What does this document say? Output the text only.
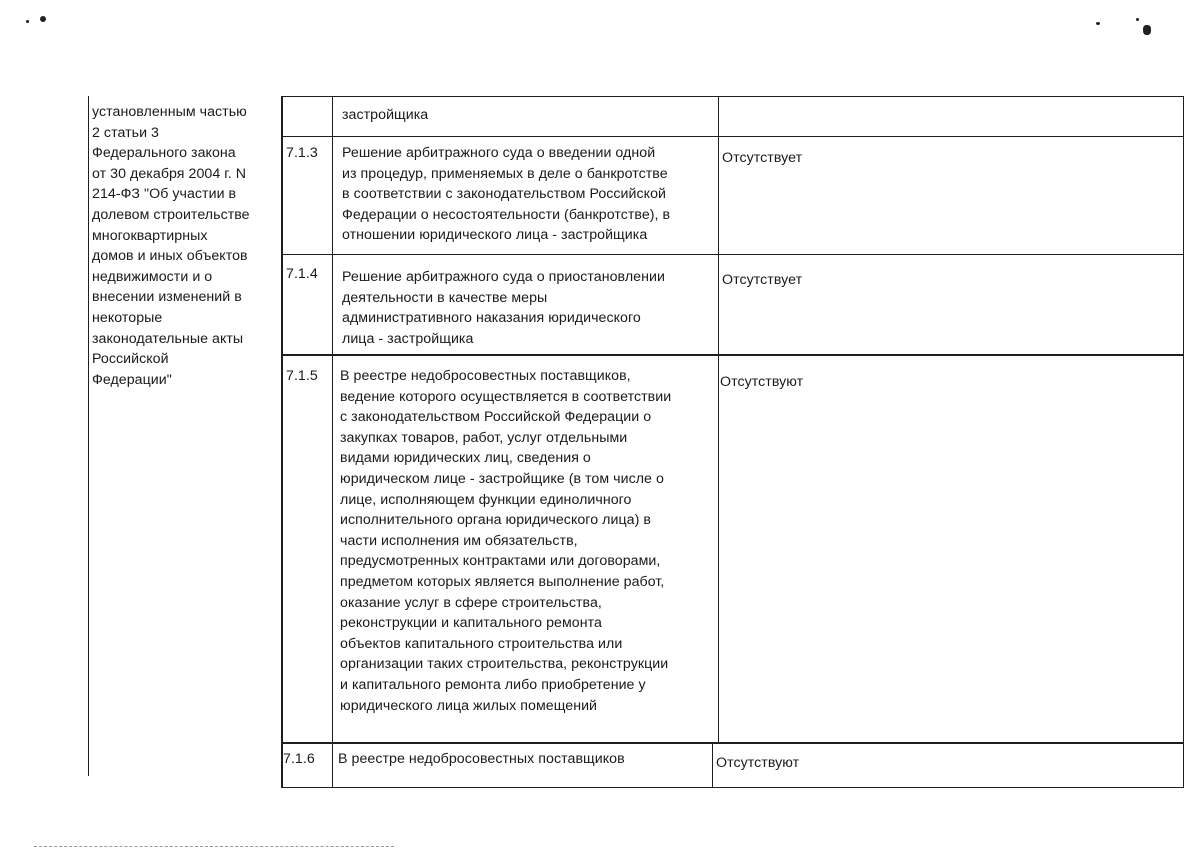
установленным частью
2 статьи 3
Федерального закона
от 30 декабря 2004 г. N
214-ФЗ "Об участии в
долевом строительстве
многоквартирных
домов и иных объектов
недвижимости и о
внесении изменений в
некоторые
законодательные акты
Российской
Федерации"
застройщика
7.1.3 Решение арбитражного суда о введении одной
из процедур, применяемых в деле о банкротстве
в соответствии с законодательством Российской
Федерации о несостоятельности (банкротстве), в
отношении юридического лица - застройщика
Отсутствует
7.1.4 Решение арбитражного суда о приостановлении
деятельности в качестве меры
административного наказания юридического
лица - застройщика
Отсутствует
7.1.5 В реестре недобросовестных поставщиков,
ведение которого осуществляется в соответствии
с законодательством Российской Федерации о
закупках товаров, работ, услуг отдельными
видами юридических лиц, сведения о
юридическом лице - застройщике (в том числе о
лице, исполняющем функции единоличного
исполнительного органа юридического лица) в
части исполнения им обязательств,
предусмотренных контрактами или договорами,
предметом которых является выполнение работ,
оказание услуг в сфере строительства,
реконструкции и капитального ремонта
объектов капитального строительства или
организации таких строительства, реконструкции
и капитального ремонта либо приобретение у
юридического лица жилых помещений
Отсутствуют
7.1.6 В реестре недобросовестных поставщиков	Отсутствуют
